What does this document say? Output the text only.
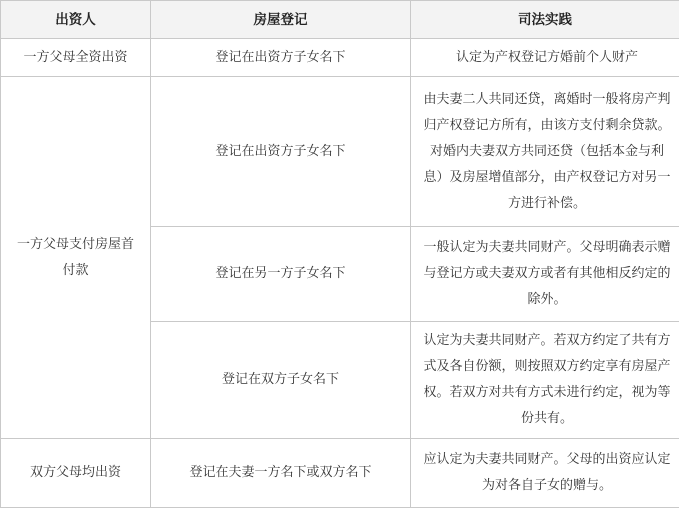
出资人	房屋登记	司法实践

一方父母全资出资	登记在出资方子女名下	认定为产权登记方婚前个人财产

一方父母支付房屋首付款	登记在出资方子女名下	由夫妻二人共同还贷，离婚时一般将房产判归产权登记方所有，由该方支付剩余贷款。对婚内夫妻双方共同还贷（包括本金与利息）及房屋增值部分，由产权登记方对另一方进行补偿。

	登记在另一方子女名下	一般认定为夫妻共同财产。父母明确表示赠与登记方或夫妻双方或者有其他相反约定的除外。

	登记在双方子女名下	认定为夫妻共同财产。若双方约定了共有方式及各自份额，则按照双方约定享有房屋产权。若双方对共有方式未进行约定，视为等份共有。

双方父母均出资	登记在夫妻一方名下或双方名下	应认定为夫妻共同财产。父母的出资应认定为对各自子女的赠与。
